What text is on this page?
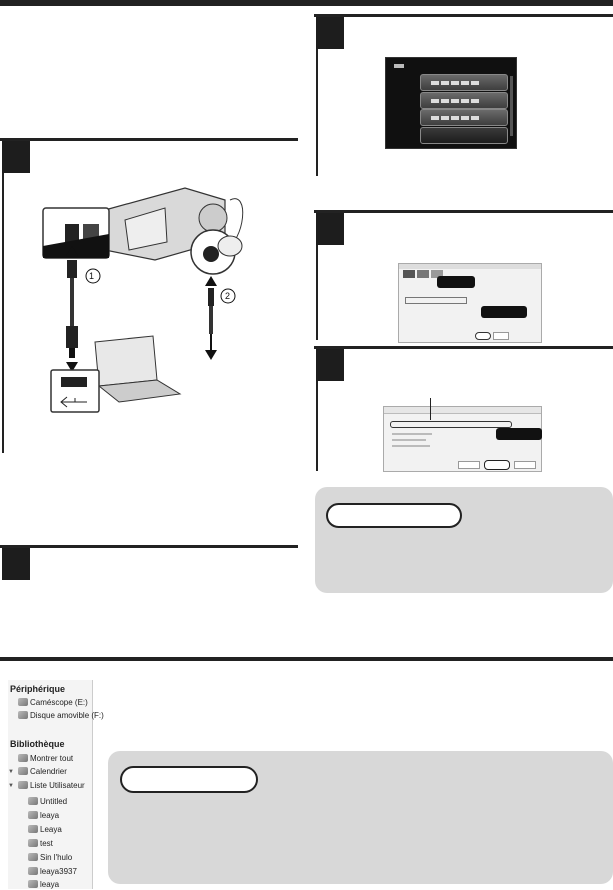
1
2
Périphérique
Caméscope (E:)
Disque amovible (F:)
Bibliothèque
Montrer tout
▼	Calendrier
▼	Liste Utilisateur
Untitled
leaya
Leaya
test
Sin l'hulo
leaya3937
leaya
